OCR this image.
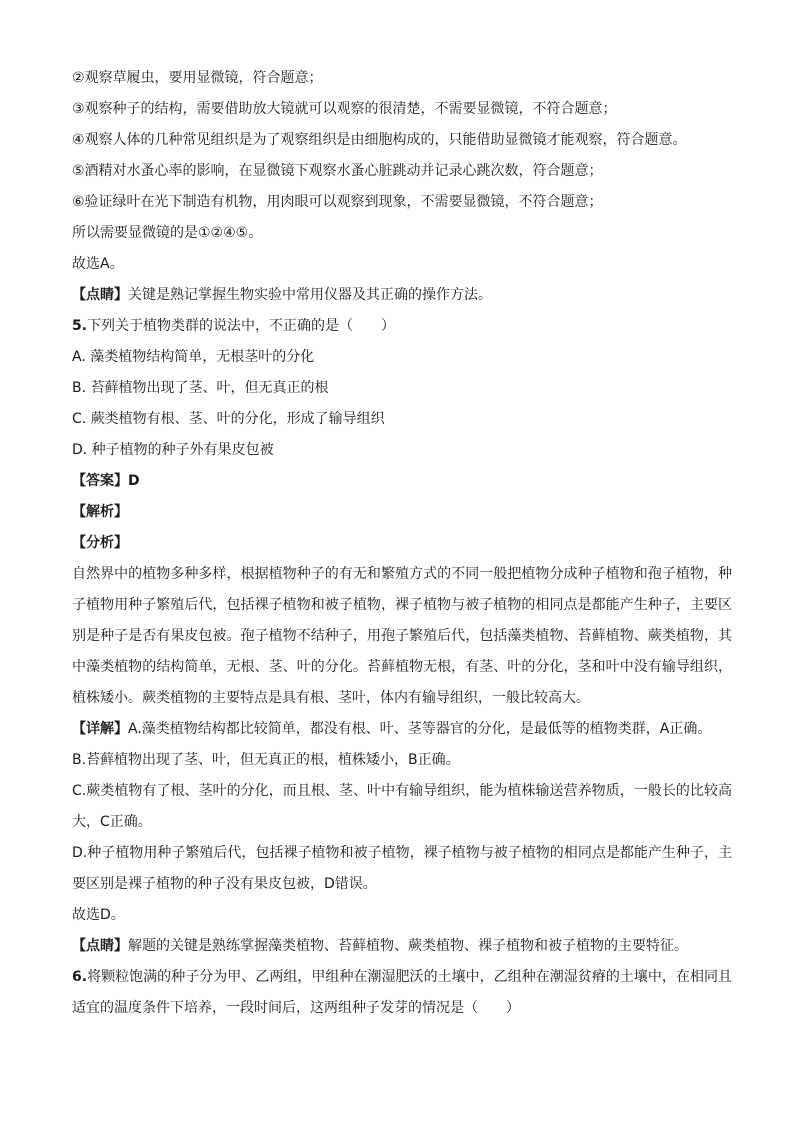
②观察草履虫，要用显微镜，符合题意；
③观察种子的结构，需要借助放大镜就可以观察的很清楚，不需要显微镜，不符合题意；
④观察人体的几种常见组织是为了观察组织是由细胞构成的，只能借助显微镜才能观察，符合题意。
⑤酒精对水蚤心率的影响，在显微镜下观察水蚤心脏跳动并记录心跳次数，符合题意；
⑥验证绿叶在光下制造有机物，用肉眼可以观察到现象，不需要显微镜，不符合题意；
所以需要显微镜的是①②④⑤。
故选A。
【点睛】关键是熟记掌握生物实验中常用仪器及其正确的操作方法。
5.下列关于植物类群的说法中，不正确的是（　　）
A. 藻类植物结构简单，无根茎叶的分化
B. 苔藓植物出现了茎、叶，但无真正的根
C. 蕨类植物有根、茎、叶的分化，形成了输导组织
D. 种子植物的种子外有果皮包被
【答案】D
【解析】
【分析】
自然界中的植物多种多样，根据植物种子的有无和繁殖方式的不同一般把植物分成种子植物和孢子植物，种子植物用种子繁殖后代，包括裸子植物和被子植物，裸子植物与被子植物的相同点是都能产生种子，主要区别是种子是否有果皮包被。孢子植物不结种子，用孢子繁殖后代，包括藻类植物、苔藓植物、蕨类植物，其中藻类植物的结构简单，无根、茎、叶的分化。苔藓植物无根，有茎、叶的分化，茎和叶中没有输导组织，植株矮小。蕨类植物的主要特点是具有根、茎叶，体内有输导组织，一般比较高大。
【详解】A.藻类植物结构都比较简单，都没有根、叶、茎等器官的分化，是最低等的植物类群，A正确。
B.苔藓植物出现了茎、叶，但无真正的根，植株矮小，B正确。
C.蕨类植物有了根、茎叶的分化，而且根、茎、叶中有输导组织，能为植株输送营养物质，一般长的比较高大，C正确。
D.种子植物用种子繁殖后代，包括裸子植物和被子植物，裸子植物与被子植物的相同点是都能产生种子，主要区别是裸子植物的种子没有果皮包被，D错误。
故选D。
【点睛】解题的关键是熟练掌握藻类植物、苔藓植物、蕨类植物、裸子植物和被子植物的主要特征。
6.将颗粒饱满的种子分为甲、乙两组，甲组种在潮湿肥沃的土壤中，乙组种在潮湿贫瘠的土壤中，在相同且适宜的温度条件下培养，一段时间后，这两组种子发芽的情况是（　　）
